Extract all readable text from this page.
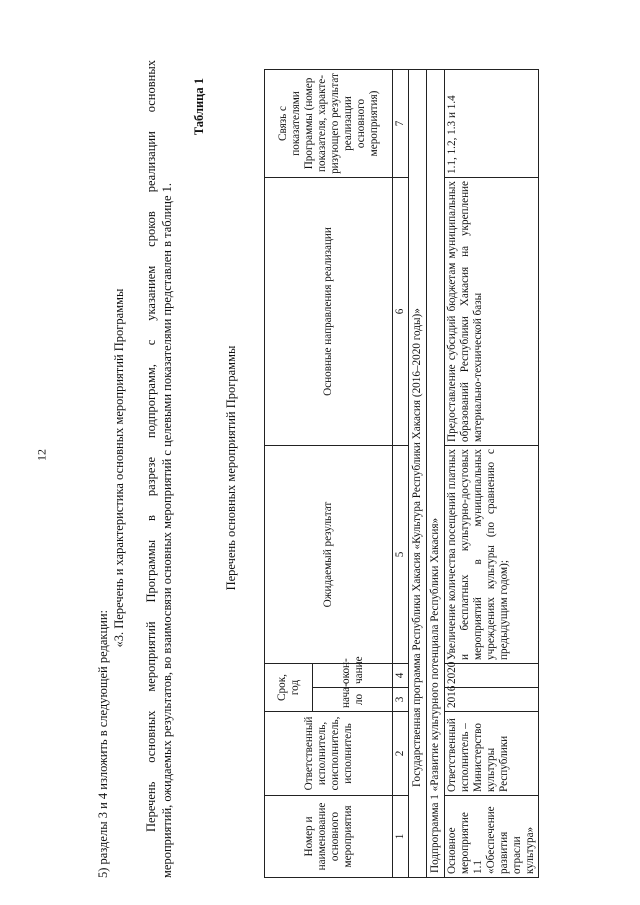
12
5) разделы 3 и 4 изложить в следующей редакции:
«3. Перечень и характеристика основных мероприятий Программы Перечень основных мероприятий Программы в разрезе подпрограмм, с указанием сроков реализации основных мероприятий, ожидаемых результатов, во взаимосвязи основных мероприятий с целевыми показателями представлен в таблице 1.
Таблица 1
Перечень основных мероприятий Программы
Номер и наименование основного мероприятия	Ответственный исполнитель, соисполнитель, исполнитель	Срок, год		Ожидаемый результат	Основные направления реализации	Связь с показателями Программы (номер показателя, характе-ризующего результат реализации основного мероприятия)
		нача-ло	окон-чание			
1	2	3	4	5	6	7
Государственная программа Республики Хакасия «Культура Республики Хакасия (2016–2020 годы)»						
Подпрограмма 1 «Развитие культурного потенциала Республики Хакасия»						
Основное мероприятие 1.1 «Обеспечение развития отрасли культура»	Ответственный исполнитель – Министерство культуры Республики	2016	2020	Увеличение количества посещений платных и бесплатных культурно-досуговых мероприятий в муниципальных учреждениях культуры (по сравнению с предыдущим годом);	Предоставление субсидий бюджетам муниципальных образований Республики Хакасия на укрепление материально-технической базы	1.1, 1.2, 1.3 и 1.4
